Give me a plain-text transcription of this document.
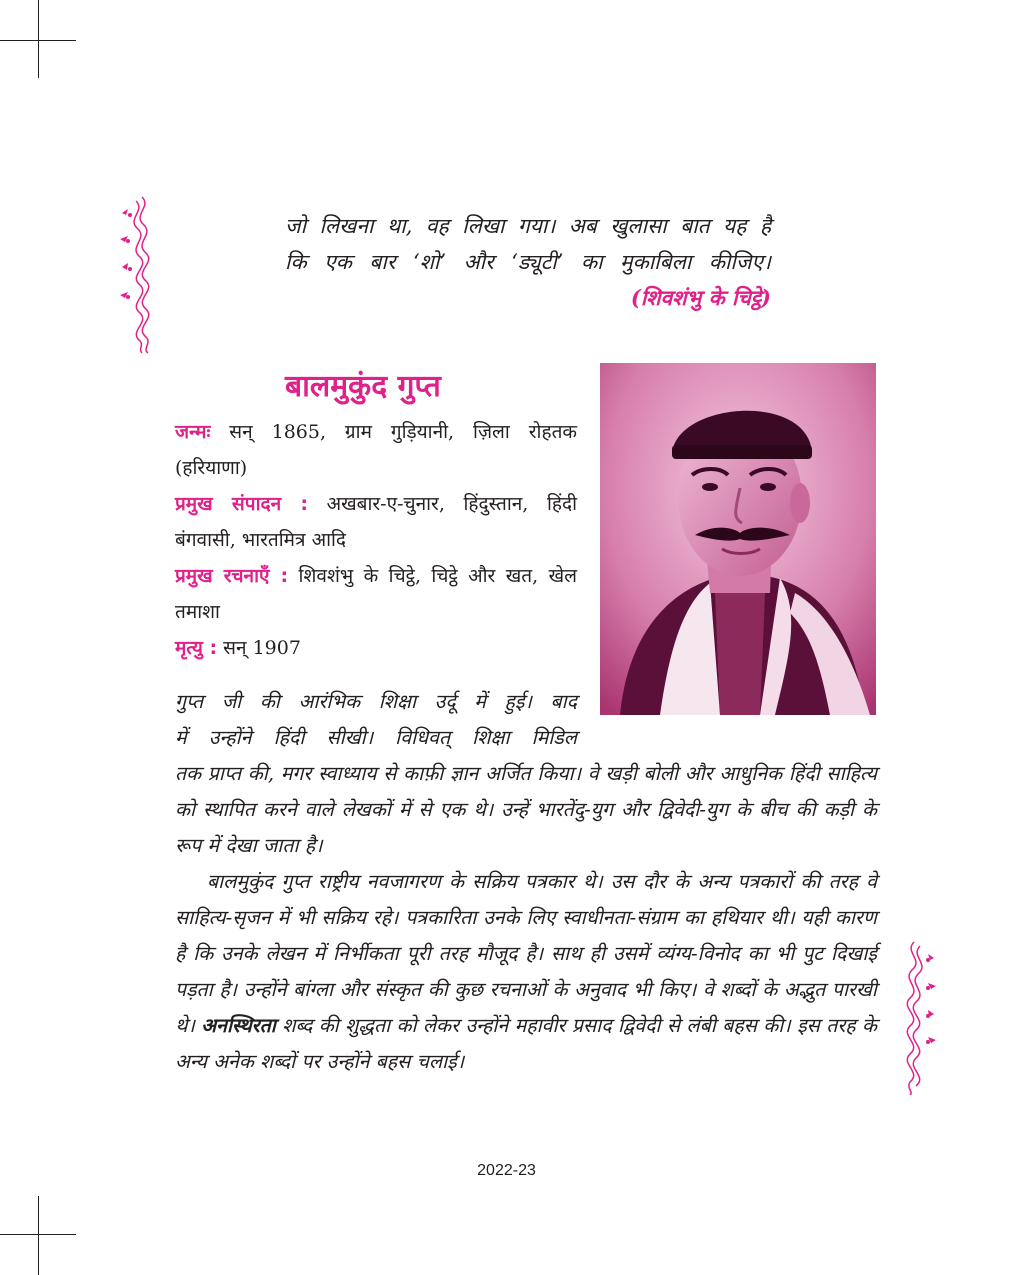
जो लिखना था, वह लिखा गया। अब खुलासा बात यह है
कि एक बार ‘शो’ और ‘ड्यूटी’ का मुकाबिला कीजिए।
(शिवशंभु के चिट्ठे)
बालमुकुंद गुप्त

जन्मः सन् 1865, ग्राम गुड़ियानी, ज़िला रोहतक (हरियाणा)

प्रमुख संपादन : अखबार-ए-चुनार, हिंदुस्तान, हिंदी बंगवासी, भारतमित्र आदि

प्रमुख रचनाएँ : शिवशंभु के चिट्ठे, चिट्ठे और खत, खेल तमाशा

मृत्यु : सन् 1907

गुप्त जी की आरंभिक शिक्षा उर्दू में हुई। बाद

में उन्होंने हिंदी सीखी। विधिवत् शिक्षा मिडिल

तक प्राप्त की, मगर स्वाध्याय से काफ़ी ज्ञान अर्जित किया। वे खड़ी बोली और आधुनिक हिंदी साहित्य को स्थापित करने वाले लेखकों में से एक थे। उन्हें भारतेंदु-युग और द्विवेदी-युग के बीच की कड़ी के रूप में देखा जाता है।

बालमुकुंद गुप्त राष्ट्रीय नवजागरण के सक्रिय पत्रकार थे। उस दौर के अन्य पत्रकारों की तरह वे साहित्य-सृजन में भी सक्रिय रहे। पत्रकारिता उनके लिए स्वाधीनता-संग्राम का हथियार थी। यही कारण है कि उनके लेखन में निर्भीकता पूरी तरह मौजूद है। साथ ही उसमें व्यंग्य-विनोद का भी पुट दिखाई पड़ता है। उन्होंने बांग्ला और संस्कृत की कुछ रचनाओं के अनुवाद भी किए। वे शब्दों के अद्भुत पारखी थे। अनस्थिरता शब्द की शुद्धता को लेकर उन्होंने महावीर प्रसाद द्विवेदी से लंबी बहस की। इस तरह के अन्य अनेक शब्दों पर उन्होंने बहस चलाई।

2022-23
